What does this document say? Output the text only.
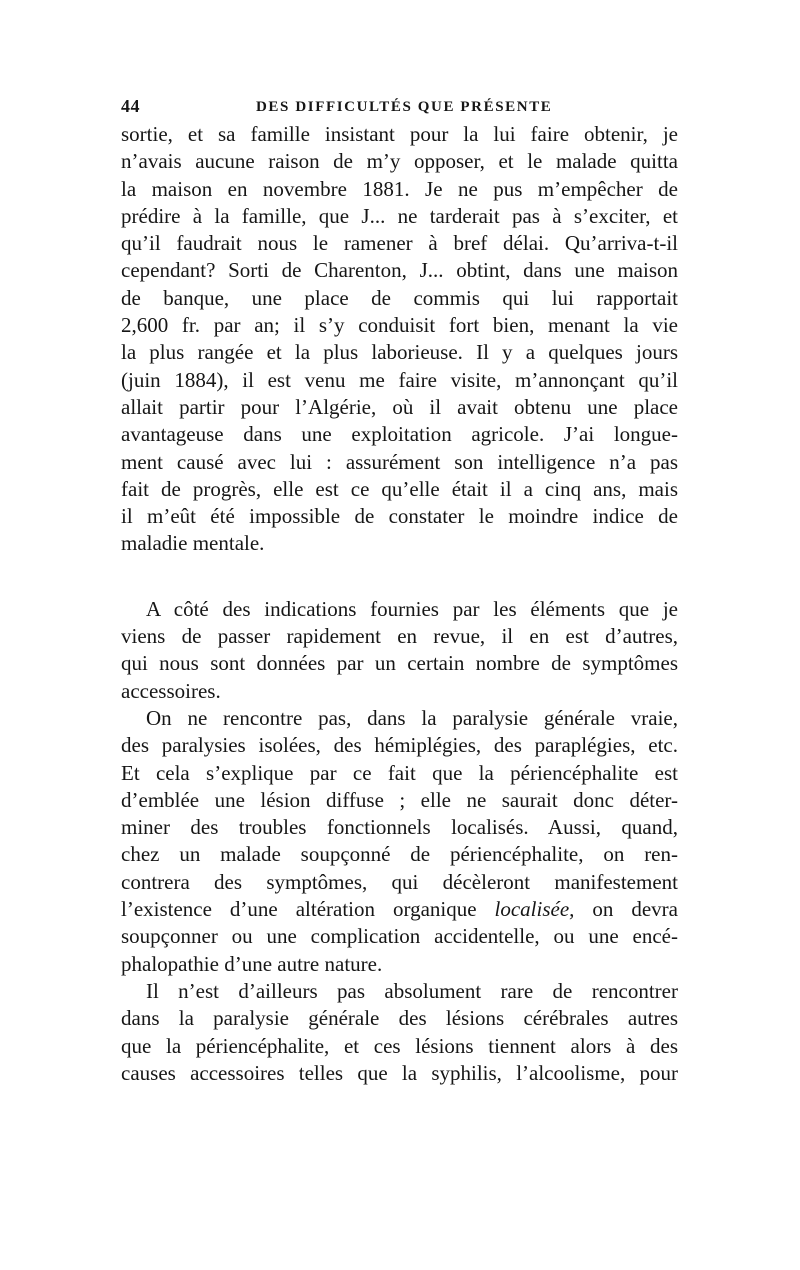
44	DES DIFFICULTÉS QUE PRÉSENTE
sortie, et sa famille insistant pour la lui faire obtenir, je
n’avais aucune raison de m’y opposer, et le malade quitta
la maison en novembre 1881. Je ne pus m’empêcher de
prédire à la famille, que J... ne tarderait pas à s’exciter, et
qu’il faudrait nous le ramener à bref délai. Qu’arriva-t-il
cependant? Sorti de Charenton, J... obtint, dans une maison
de banque, une place de commis qui lui rapportait
2,600 fr. par an; il s’y conduisit fort bien, menant la vie
la plus rangée et la plus laborieuse. Il y a quelques jours
(juin 1884), il est venu me faire visite, m’annonçant qu’il
allait partir pour l’Algérie, où il avait obtenu une place
avantageuse dans une exploitation agricole. J’ai longue-
ment causé avec lui : assurément son intelligence n’a pas
fait de progrès, elle est ce qu’elle était il a cinq ans, mais
il m’eût été impossible de constater le moindre indice de
maladie mentale.
A côté des indications fournies par les éléments que je
viens de passer rapidement en revue, il en est d’autres,
qui nous sont données par un certain nombre de symptômes
accessoires.
On ne rencontre pas, dans la paralysie générale vraie,
des paralysies isolées, des hémiplégies, des paraplégies, etc.
Et cela s’explique par ce fait que la périencéphalite est
d’emblée une lésion diffuse ; elle ne saurait donc déter-
miner des troubles fonctionnels localisés. Aussi, quand,
chez un malade soupçonné de périencéphalite, on ren-
contrera des symptômes, qui décèleront manifestement
l’existence d’une altération organique localisée, on devra
soupçonner ou une complication accidentelle, ou une encé-
phalopathie d’une autre nature.
Il n’est d’ailleurs pas absolument rare de rencontrer
dans la paralysie générale des lésions cérébrales autres
que la périencéphalite, et ces lésions tiennent alors à des
causes accessoires telles que la syphilis, l’alcoolisme, pour
